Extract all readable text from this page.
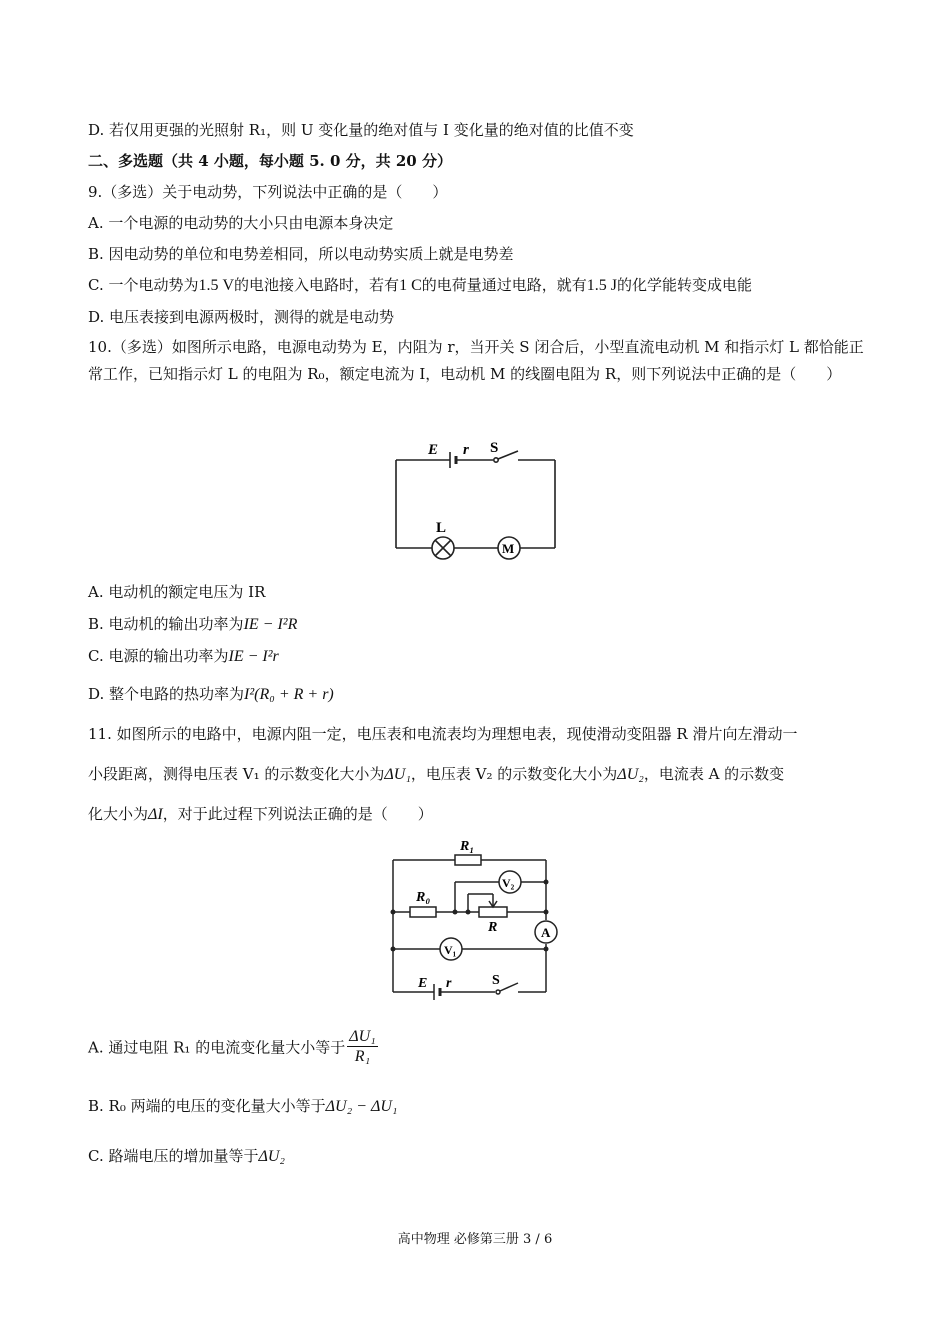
D. 若仅用更强的光照射 R₁，则 U 变化量的绝对值与 I 变化量的绝对值的比值不变
二、多选题（共 4 小题，每小题 5. 0 分，共 20 分）
9.（多选）关于电动势，下列说法中正确的是（　　）
A. 一个电源的电动势的大小只由电源本身决定
B. 因电动势的单位和电势差相同，所以电动势实质上就是电势差
C. 一个电动势为1.5 V的电池接入电路时，若有1 C的电荷量通过电路，就有1.5 J的化学能转变成电能
D. 电压表接到电源两极时，测得的就是电动势
10.（多选）如图所示电路，电源电动势为 E，内阻为 r，当开关 S 闭合后，小型直流电动机 M 和指示灯 L 都恰能正常工作，已知指示灯 L 的电阻为 R₀，额定电流为 I，电动机 M 的线圈电阻为 R，则下列说法中正确的是（　　）
E r S
L
M
A. 电动机的额定电压为 IR
B. 电动机的输出功率为IE − I²R
C. 电源的输出功率为IE − I²r
D. 整个电路的热功率为I²(R₀ + R + r)
11. 如图所示的电路中，电源内阻一定，电压表和电流表均为理想电表，现使滑动变阻器 R 滑片向左滑动一
小段距离，测得电压表 V₁ 的示数变化大小为ΔU₁，电压表 V₂ 的示数变化大小为ΔU₂，电流表 A 的示数变
化大小为ΔI，对于此过程下列说法正确的是（　　）
R₁
R₀
R
V₂
V₁
A
E r	S
A. 通过电阻 R₁ 的电流变化量大小等于 $\frac{\text{ΔU₁}}{\text{R₁}}$
B. R₀ 两端的电压的变化量大小等于ΔU₂ − ΔU₁
C. 路端电压的增加量等于ΔU₂
高中物理 必修第三册 3 / 6
